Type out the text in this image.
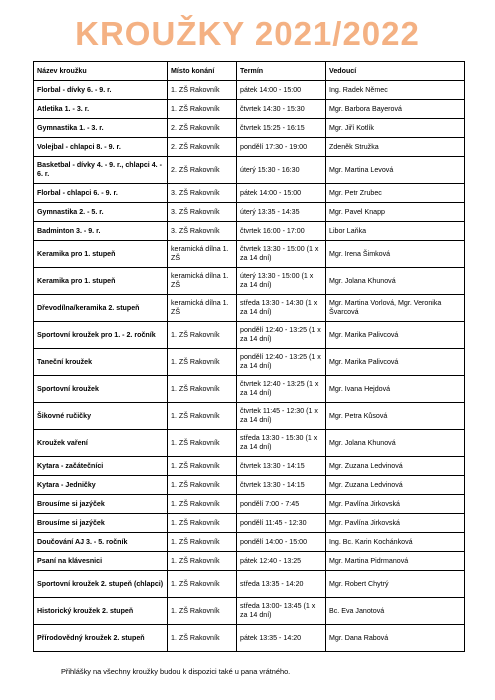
KROUŽKY 2021/2022
Název kroužku	Místo konání	Termín	Vedoucí
Florbal - dívky 6. - 9. r.	1. ZŠ Rakovník	pátek 14:00 - 15:00	Ing. Radek Němec
Atletika 1. - 3. r.	1. ZŠ Rakovník	čtvrtek 14:30 - 15:30	Mgr. Barbora Bayerová
Gymnastika 1. - 3. r.	2. ZŠ Rakovník	čtvrtek 15:25 - 16:15	Mgr. Jiří Kotlík
Volejbal - chlapci 8. - 9. r.	2. ZŠ Rakovník	pondělí 17:30 - 19:00	Zdeněk Stružka
Basketbal - dívky 4. - 9. r., chlapci 4. - 6. r.	2. ZŠ Rakovník	úterý 15:30 - 16:30	Mgr. Martina Levová
Florbal - chlapci 6. - 9. r.	3. ZŠ Rakovník	pátek 14:00 - 15:00	Mgr. Petr Zrubec
Gymnastika 2. - 5. r.	3. ZŠ Rakovník	úterý 13:35 - 14:35	Mgr. Pavel Knapp
Badminton 3. - 9. r.	3. ZŠ Rakovník	čtvrtek 16:00 - 17:00	Libor Laňka
Keramika pro 1. stupeň	keramická dílna 1. ZŠ	čtvrtek 13:30 - 15:00 (1 x za 14 dní)	Mgr. Irena Šimková
Keramika pro 1. stupeň	keramická dílna 1. ZŠ	úterý 13:30 - 15:00 (1 x za 14 dní)	Mgr. Jolana Khunová
Dřevodílna/keramika 2. stupeň	keramická dílna 1. ZŠ	středa 13:30 - 14:30 (1 x za 14 dní)	Mgr. Martina Vorlová, Mgr. Veronika Švarcová
Sportovní kroužek pro 1. - 2. ročník	1. ZŠ Rakovník	pondělí 12:40 - 13:25 (1 x za 14 dní)	Mgr. Marika Palivcová
Taneční kroužek	1. ZŠ Rakovník	pondělí 12:40 - 13:25 (1 x za 14 dní)	Mgr. Marika Palivcová
Sportovní kroužek	1. ZŠ Rakovník	čtvrtek 12:40 - 13:25 (1 x za 14 dní)	Mgr. Ivana Hejdová
Šikovné ručičky	1. ZŠ Rakovník	čtvrtek 11:45 - 12:30 (1 x za 14 dní)	Mgr. Petra Kůsová
Kroužek vaření	1. ZŠ Rakovník	středa 13:30 - 15:30 (1 x za 14 dní)	Mgr. Jolana Khunová
Kytara - začátečníci	1. ZŠ Rakovník	čtvrtek 13:30 - 14:15	Mgr. Zuzana Ledvinová
Kytara - Jedničky	1. ZŠ Rakovník	čtvrtek 13:30 - 14:15	Mgr. Zuzana Ledvinová
Brousíme si jazýček	1. ZŠ Rakovník	pondělí 7:00 - 7:45	Mgr. Pavlína Jirkovská
Brousíme si jazýček	1. ZŠ Rakovník	pondělí 11:45 - 12:30	Mgr. Pavlína Jirkovská
Doučování AJ 3. - 5. ročník	1. ZŠ Rakovník	pondělí 14:00 - 15:00	Ing. Bc. Karin Kochánková
Psaní na klávesnici	1. ZŠ Rakovník	pátek 12:40 - 13:25	Mgr. Martina Pidrmanová
Sportovní kroužek 2. stupeň (chlapci)	1. ZŠ Rakovník	středa 13:35 - 14:20	Mgr. Robert Chytrý
Historický kroužek 2. stupeň	1. ZŠ Rakovník	středa 13:00- 13:45 (1 x za 14 dní)	Bc. Eva Janotová
Přírodovědný kroužek 2. stupeň	1. ZŠ Rakovník	pátek 13:35 - 14:20	Mgr. Dana Rabová
Přihlášky na všechny kroužky budou k dispozici také u pana vrátného.
